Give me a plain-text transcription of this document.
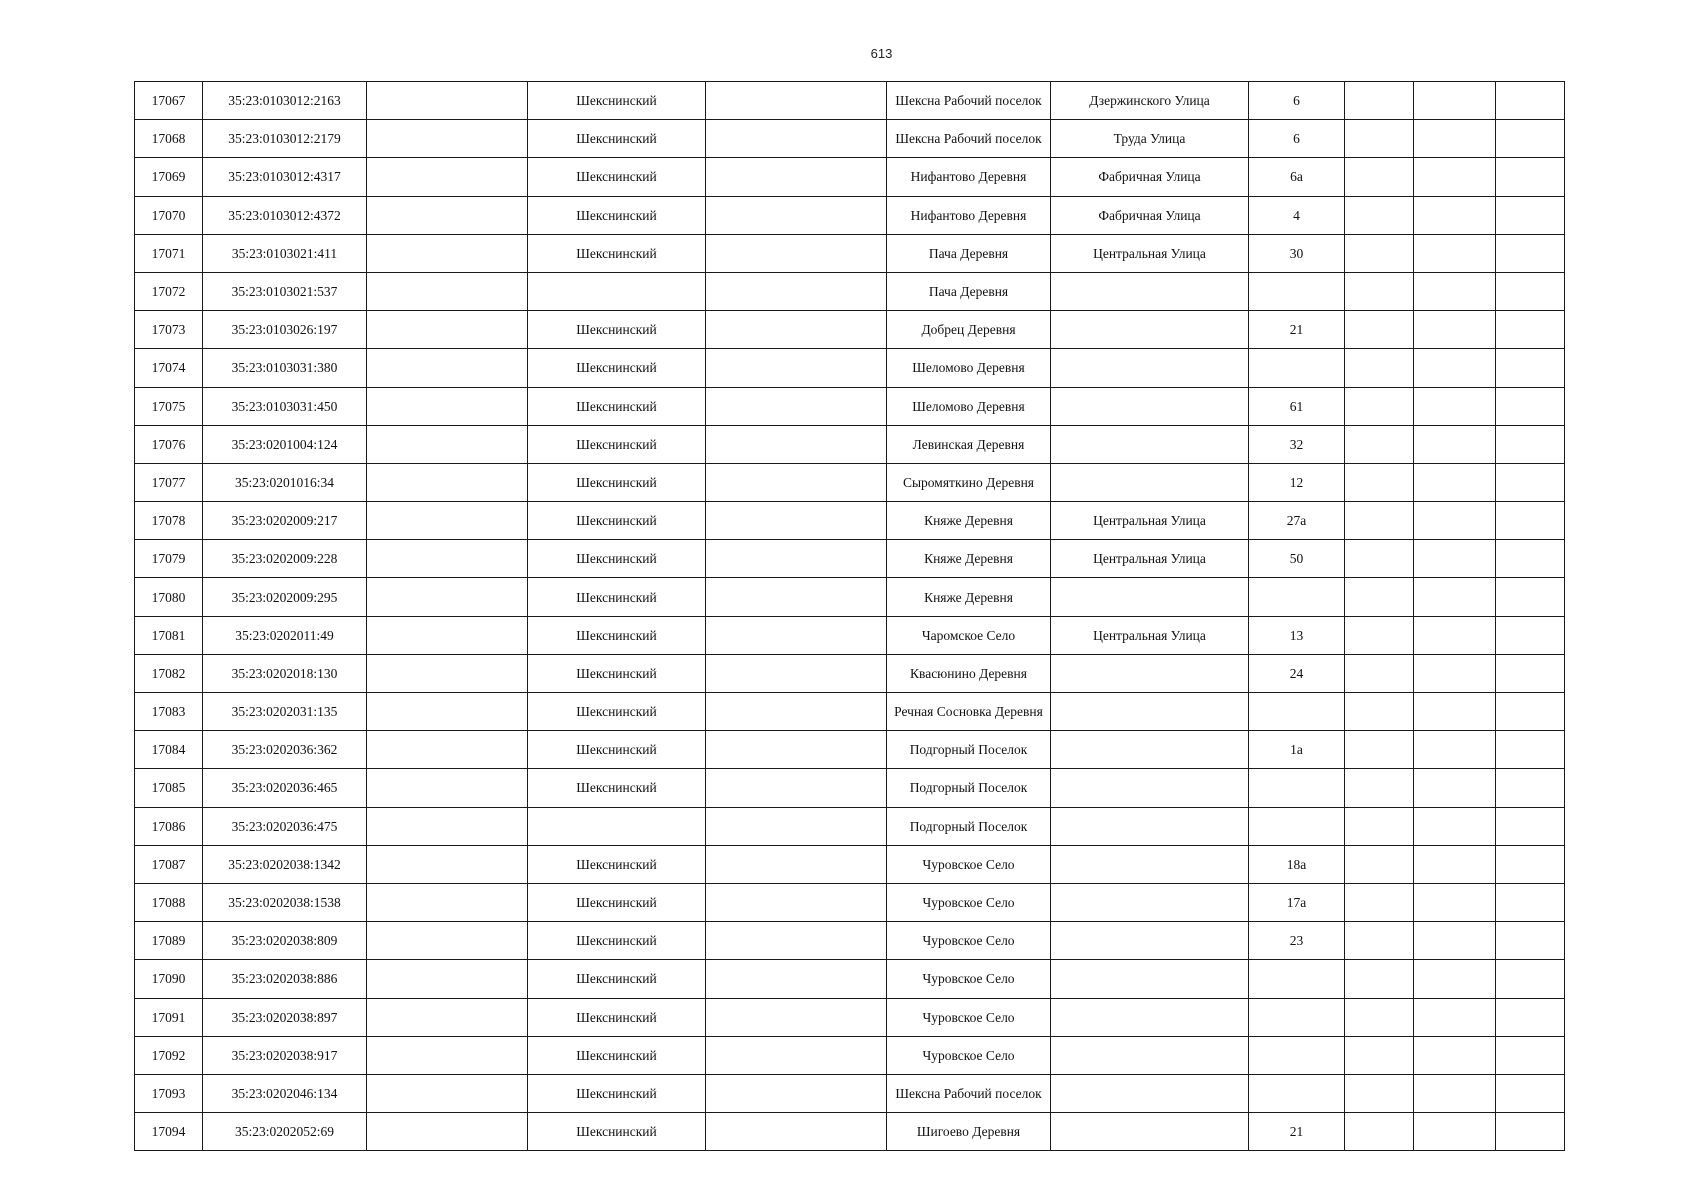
613
17067	35:23:0103012:2163		Шекснинский		Шексна Рабочий поселок	Дзержинского Улица	6			
17068	35:23:0103012:2179		Шекснинский		Шексна Рабочий поселок	Труда Улица	6			
17069	35:23:0103012:4317		Шекснинский		Нифантово Деревня	Фабричная Улица	6а			
17070	35:23:0103012:4372		Шекснинский		Нифантово Деревня	Фабричная Улица	4			
17071	35:23:0103021:411		Шекснинский		Пача Деревня	Центральная Улица	30			
17072	35:23:0103021:537				Пача Деревня					
17073	35:23:0103026:197		Шекснинский		Добрец Деревня		21			
17074	35:23:0103031:380		Шекснинский		Шеломово Деревня					
17075	35:23:0103031:450		Шекснинский		Шеломово Деревня		61			
17076	35:23:0201004:124		Шекснинский		Левинская Деревня		32			
17077	35:23:0201016:34		Шекснинский		Сыромяткино Деревня		12			
17078	35:23:0202009:217		Шекснинский		Княже Деревня	Центральная Улица	27а			
17079	35:23:0202009:228		Шекснинский		Княже Деревня	Центральная Улица	50			
17080	35:23:0202009:295		Шекснинский		Княже Деревня					
17081	35:23:0202011:49		Шекснинский		Чаромское Село	Центральная Улица	13			
17082	35:23:0202018:130		Шекснинский		Квасюнино Деревня		24			
17083	35:23:0202031:135		Шекснинский		Речная Сосновка Деревня					
17084	35:23:0202036:362		Шекснинский		Подгорный Поселок		1а			
17085	35:23:0202036:465		Шекснинский		Подгорный Поселок					
17086	35:23:0202036:475				Подгорный Поселок					
17087	35:23:0202038:1342		Шекснинский		Чуровское Село		18а			
17088	35:23:0202038:1538		Шекснинский		Чуровское Село		17а			
17089	35:23:0202038:809		Шекснинский		Чуровское Село		23			
17090	35:23:0202038:886		Шекснинский		Чуровское Село					
17091	35:23:0202038:897		Шекснинский		Чуровское Село					
17092	35:23:0202038:917		Шекснинский		Чуровское Село					
17093	35:23:0202046:134		Шекснинский		Шексна Рабочий поселок					
17094	35:23:0202052:69		Шекснинский		Шигоево Деревня		21			
